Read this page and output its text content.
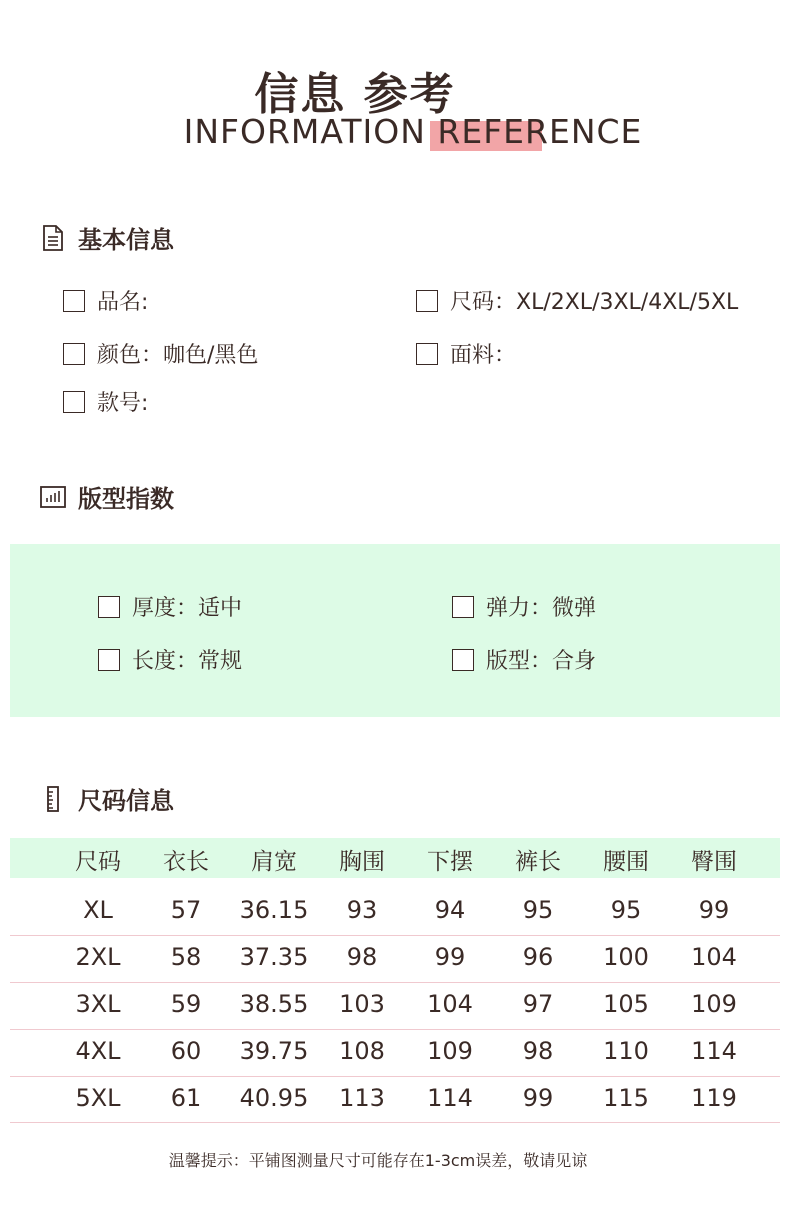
信息 参考
INFORMATION REFERENCE
基本信息
品名:	尺码：XL/2XL/3XL/4XL/5XL
颜色：咖色/黑色	面料：
款号:
版型指数
厚度：适中	弹力：微弹
长度：常规	版型：合身
尺码信息
尺码	衣长	肩宽	胸围	下摆	裤长	腰围	臀围
XL	57	36.15	93	94	95	95	99
2XL	58	37.35	98	99	96	100	104
3XL	59	38.55	103	104	97	105	109
4XL	60	39.75	108	109	98	110	114
5XL	61	40.95	113	114	99	115	119
温馨提示：平铺图测量尺寸可能存在1-3cm误差，敬请见谅
